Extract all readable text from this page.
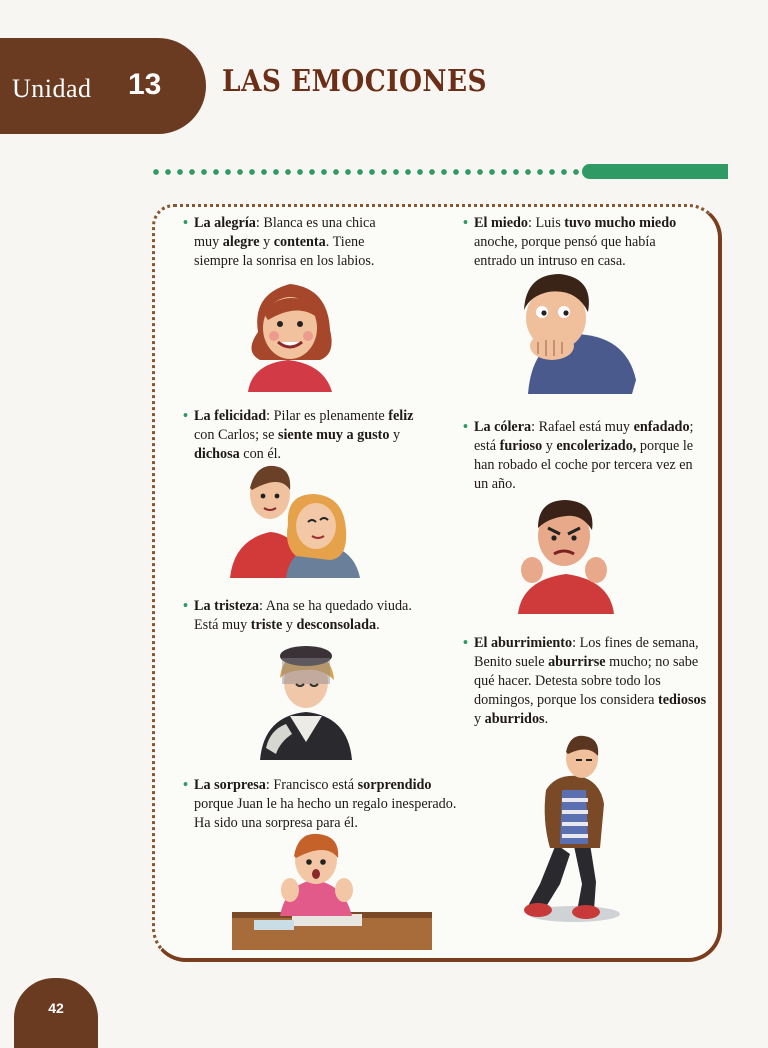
Unidad 13 LAS EMOCIONES
• La alegría: Blanca es una chica muy alegre y contenta. Tiene siempre la sonrisa en los labios.
• La felicidad: Pilar es plenamente feliz con Carlos; se siente muy a gusto y dichosa con él.
• La tristeza: Ana se ha quedado viuda. Está muy triste y desconsolada.
• La sorpresa: Francisco está sorprendido porque Juan le ha hecho un regalo inesperado. Ha sido una sorpresa para él.
• El miedo: Luis tuvo mucho miedo anoche, porque pensó que había entrado un intruso en casa.
• La cólera: Rafael está muy enfadado; está furioso y encolerizado, porque le han robado el coche por tercera vez en un año.
• El aburrimiento: Los fines de semana, Benito suele aburrirse mucho; no sabe qué hacer. Detesta sobre todo los domingos, porque los considera tediosos y aburridos.
42
